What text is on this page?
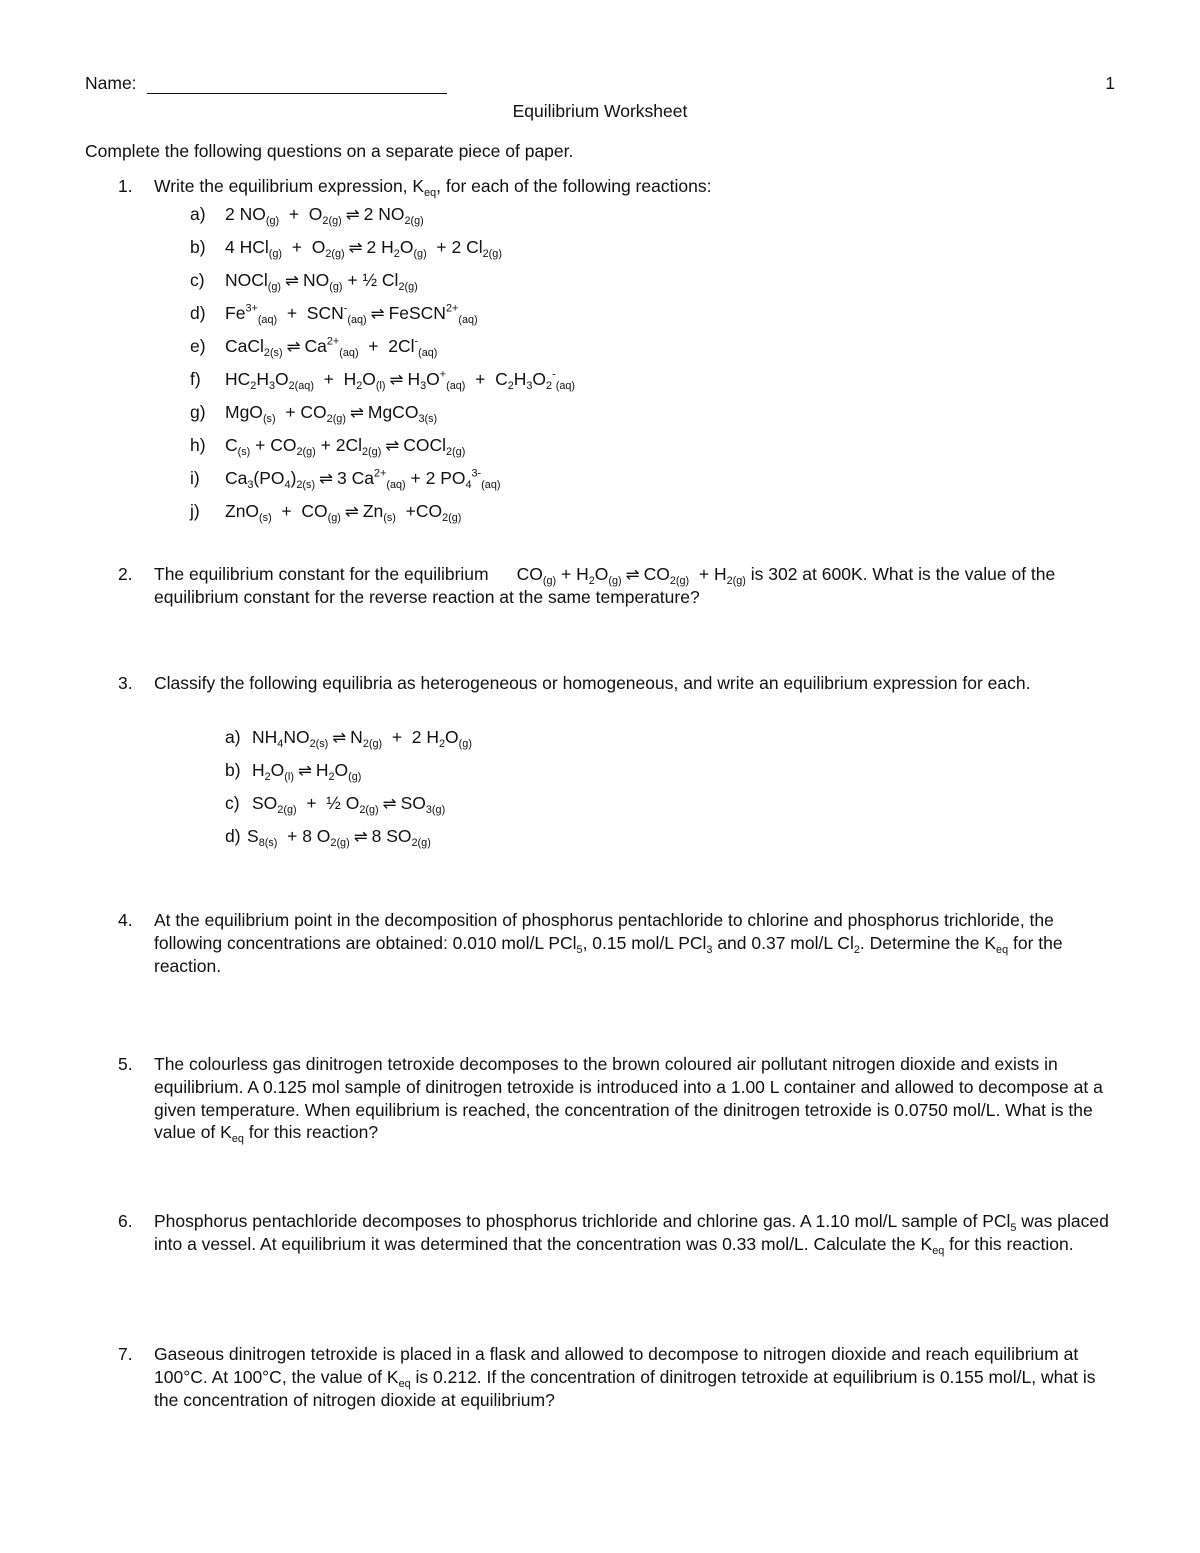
Name:	1
Equilibrium Worksheet
Complete the following questions on a separate piece of paper.
1. Write the equilibrium expression, $K_{eq}$, for each of the following reactions:
a) 2 $NO_{(g)} + O_{2(g)}$ ⇌ 2 $NO_{2(g)}$
b) 4 $HCl_{(g)} + O_{2(g)}$ ⇌ 2 $H_2O_{(g)} + 2$ $Cl_{2(g)}$
c) NOCl$_{(g)}$ ⇌ $NO_{(g)}$ + ½ $Cl_{2(g)}$
d) $Fe^{3+}_{(aq)} + SCN^-_{(aq)}$ ⇌ FeSCN$^{2+}_{(aq)}$
e) CaCl$_{2(s)}$ ⇌ $Ca^{2+}_{(aq)} + 2Cl^-_{(aq)}$
f) $HC_2H_3O_{2(aq)} + H_2O_{(l)}$ ⇌ $H_3O^+_{(aq)} + C_2H_3O_2^-_{(aq)}$
g) $MgO_{(s)} + CO_{2(g)}$ ⇌ MgCO$_{3(s)}$
h) $C_{(s)} + CO_{2(g)} + 2Cl_{2(g)}$ ⇌ COCl$_{2(g)}$
i) $Ca_3(PO_4)_{2(s)}$ ⇌ 3 $Ca^{2+}_{(aq)} + 2$ $PO_4^{3-}_{(aq)}$
j) $ZnO_{(s)} + CO_{(g)}$ ⇌ $Zn_{(s)} +CO_{2(g)}$
2. The equilibrium constant for the equilibrium $CO_{(g)} + H_2O_{(g)}$ ⇌ $CO_{2(g)} + H_{2(g)}$ is 302 at 600K. What is the value of the equilibrium constant for the reverse reaction at the same temperature?
3. Classify the following equilibria as heterogeneous or homogeneous, and write an equilibrium expression for each.
a) $NH_4NO_{2(s)}$ ⇌ $N_{2(g)} + 2$ $H_2O_{(g)}$
b) $H_2O_{(l)}$ ⇌ $H_2O_{(g)}$
c) $SO_{2(g)}$  +  ½ $O_{2(g)}$ ⇌ $SO_{3(g)}$
d) $S_{8(s)} + 8$ $O_{2(g)}$ ⇌ 8 $SO_{2(g)}$
4. At the equilibrium point in the decomposition of phosphorus pentachloride to chlorine and phosphorus trichloride, the following concentrations are obtained: 0.010 mol/L PCl$_5$, 0.15 mol/L PCl$_3$ and 0.37 mol/L $Cl_2$. Determine the $K_{eq}$ for the reaction.
5. The colourless gas dinitrogen tetroxide decomposes to the brown coloured air pollutant nitrogen dioxide and exists in equilibrium. A 0.125 mol sample of dinitrogen tetroxide is introduced into a 1.00 L container and allowed to decompose at a given temperature. When equilibrium is reached, the concentration of the dinitrogen tetroxide is 0.0750 mol/L. What is the value of $K_{eq}$ for this reaction?
6. Phosphorus pentachloride decomposes to phosphorus trichloride and chlorine gas. A 1.10 mol/L sample of PCl$_5$ was placed into a vessel. At equilibrium it was determined that the concentration was 0.33 mol/L. Calculate the $K_{eq}$ for this reaction.
7. Gaseous dinitrogen tetroxide is placed in a flask and allowed to decompose to nitrogen dioxide and reach equilibrium at 100°C. At 100°C, the value of $K_{eq}$ is 0.212. If the concentration of dinitrogen tetroxide at equilibrium is 0.155 mol/L, what is the concentration of nitrogen dioxide at equilibrium?
